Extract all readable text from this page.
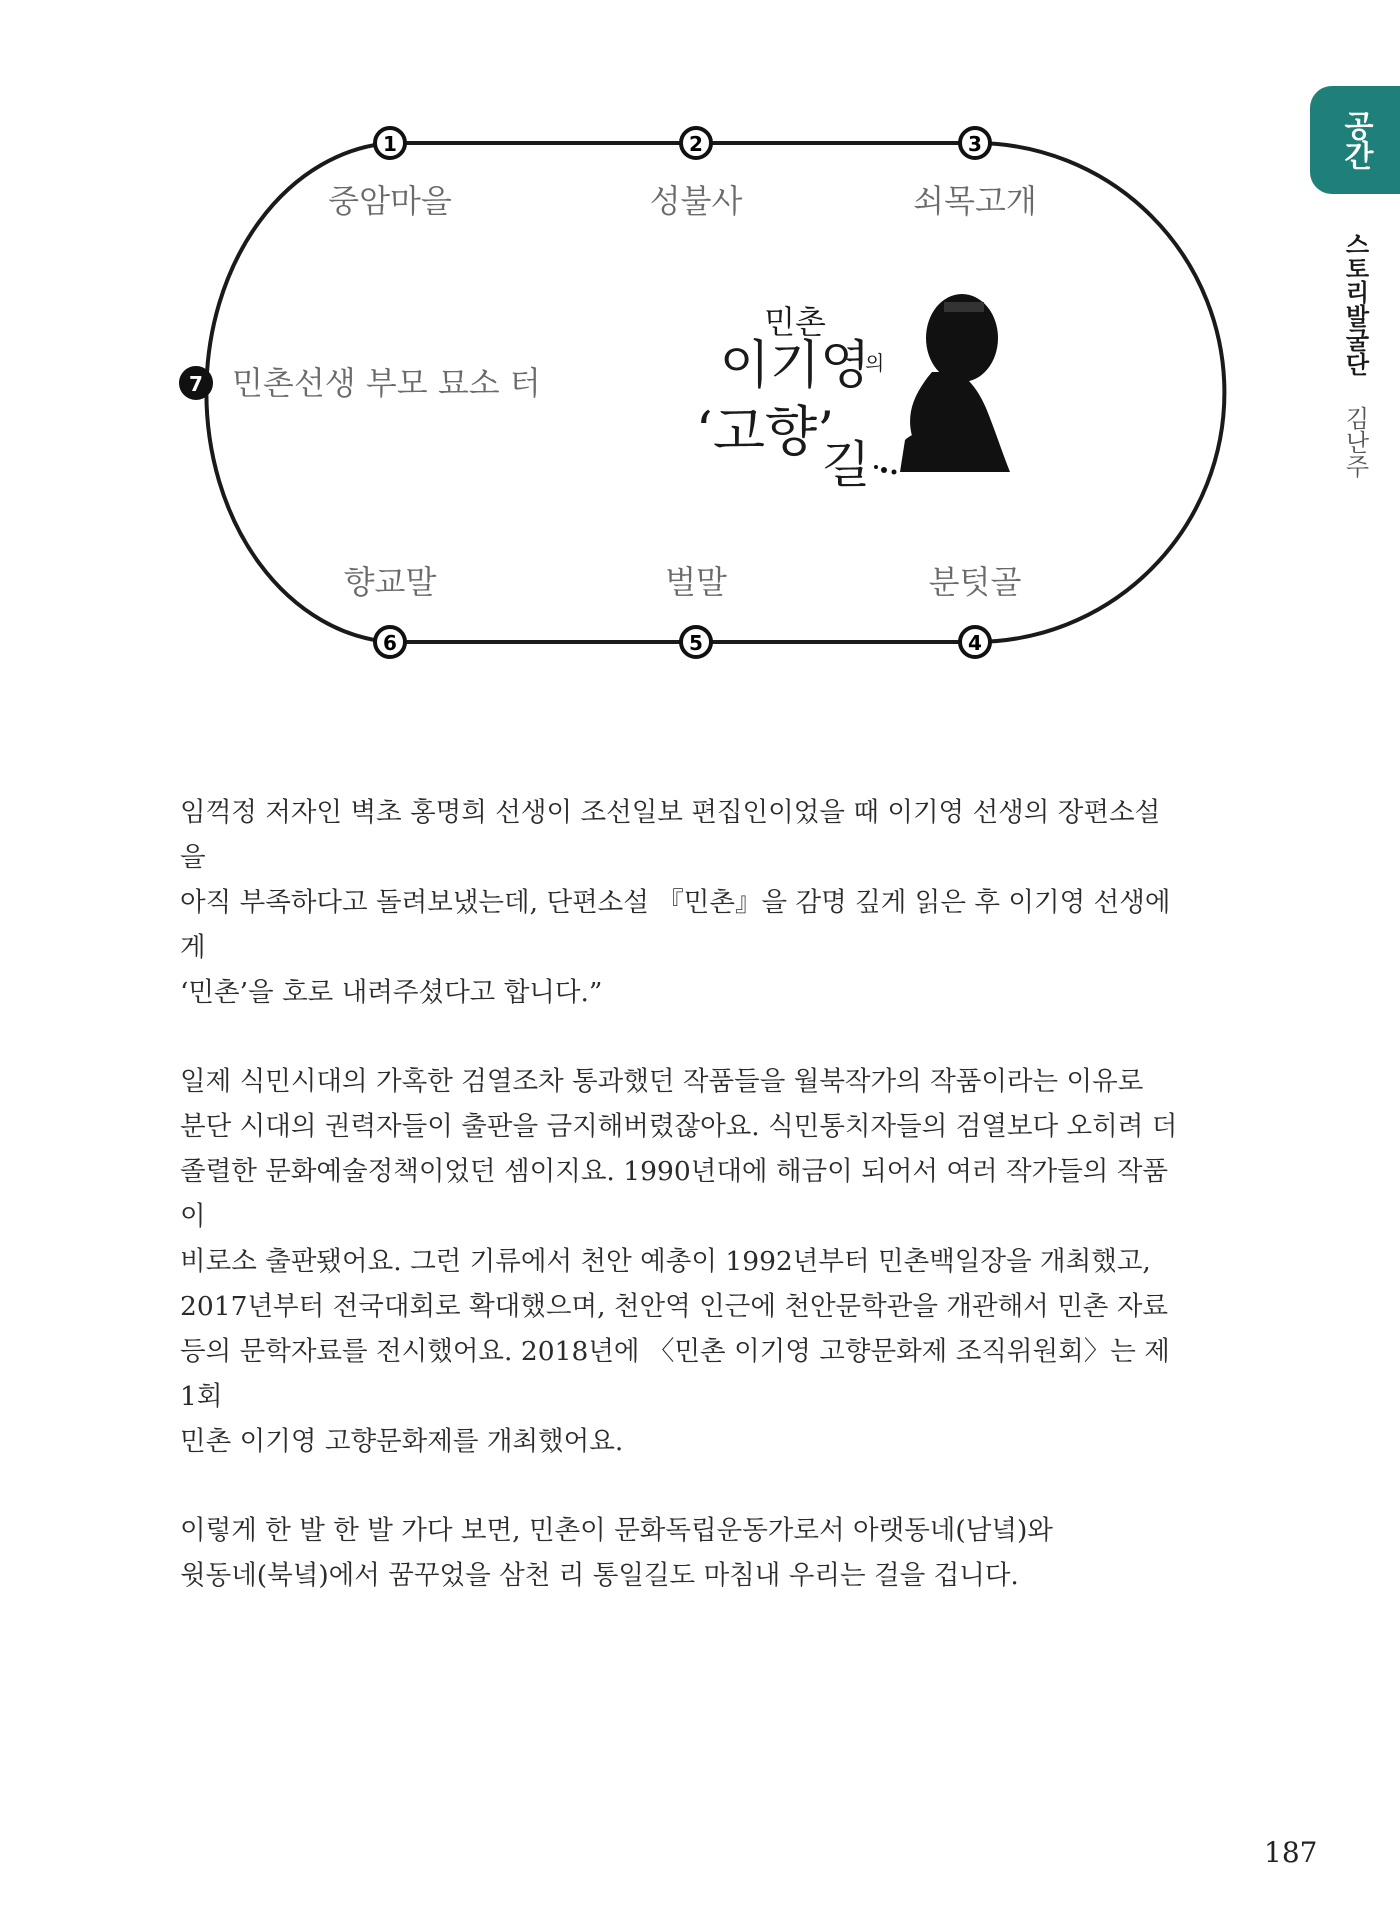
1	2	3
4
5
6
7
중암마을	성불사	쇠목고개
분텃골
벌말
향교말
민촌선생 부모 묘소 터
민촌
이기영
의
‘고향’
길
공간
스토리발굴단 김난주

임꺽정 저자인 벽초 홍명희 선생이 조선일보 편집인이었을 때 이기영 선생의 장편소설을
아직 부족하다고 돌려보냈는데, 단편소설 『민촌』을 감명 깊게 읽은 후 이기영 선생에게
‘민촌’을 호로 내려주셨다고 합니다.”

일제 식민시대의 가혹한 검열조차 통과했던 작품들을 월북작가의 작품이라는 이유로
분단 시대의 권력자들이 출판을 금지해버렸잖아요. 식민통치자들의 검열보다 오히려 더
졸렬한 문화예술정책이었던 셈이지요. 1990년대에 해금이 되어서 여러 작가들의 작품이
비로소 출판됐어요. 그런 기류에서 천안 예총이 1992년부터 민촌백일장을 개최했고,
2017년부터 전국대회로 확대했으며, 천안역 인근에 천안문학관을 개관해서 민촌 자료
등의 문학자료를 전시했어요. 2018년에 〈민촌 이기영 고향문화제 조직위원회〉는 제1회
민촌 이기영 고향문화제를 개최했어요.

이렇게 한 발 한 발 가다 보면, 민촌이 문화독립운동가로서 아랫동네(남녘)와
윗동네(북녘)에서 꿈꾸었을 삼천 리 통일길도 마침내 우리는 걸을 겁니다.

187
